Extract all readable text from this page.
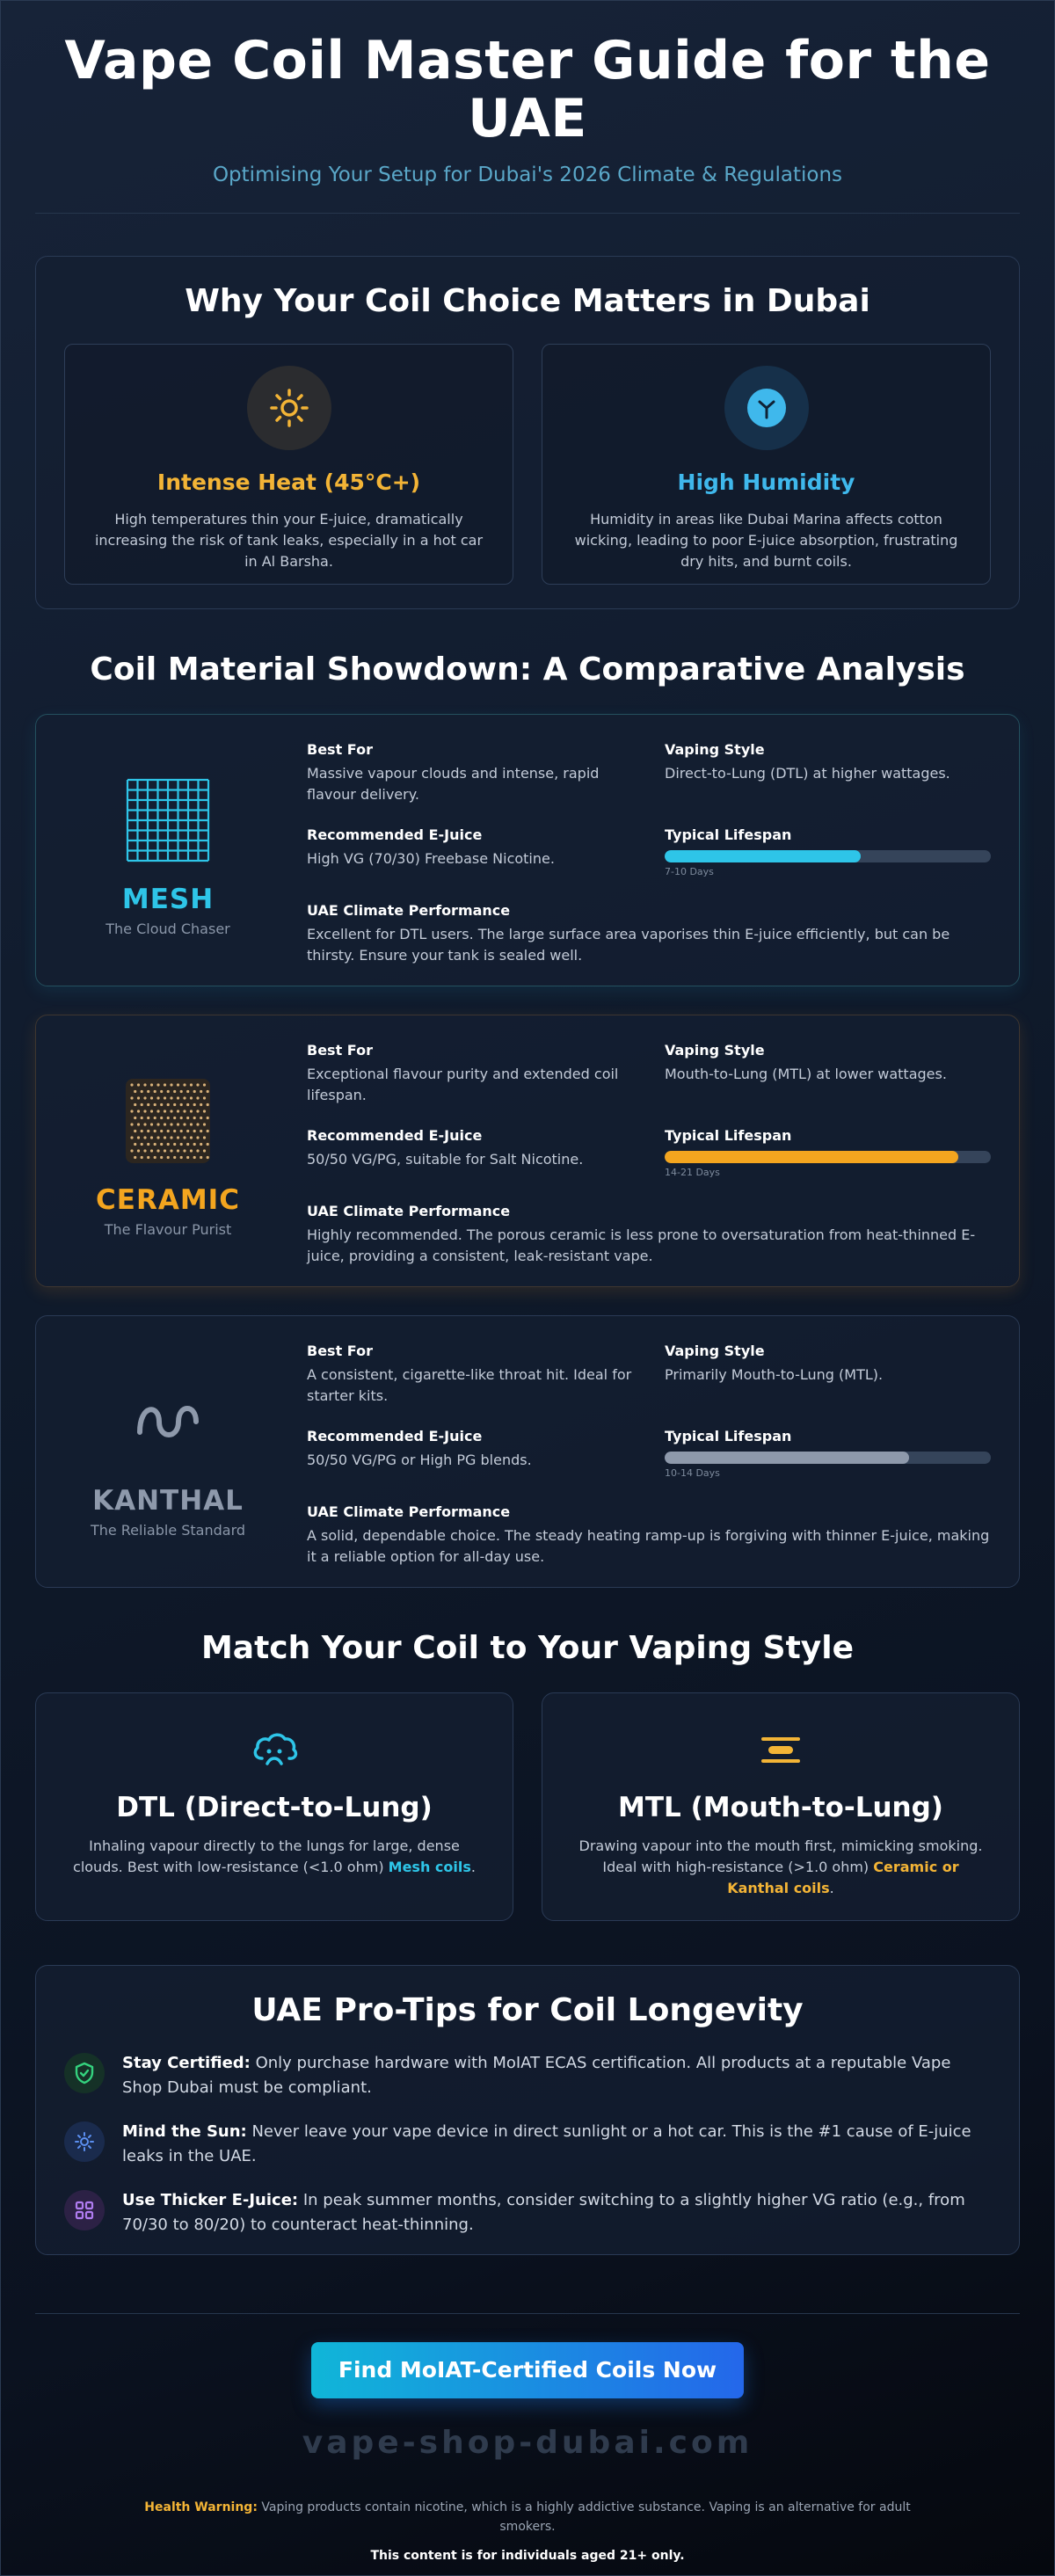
Vape Coil Master Guide for the UAE
Optimising Your Setup for Dubai's 2026 Climate & Regulations
Why Your Coil Choice Matters in Dubai
Intense Heat (45°C+)

High temperatures thin your E-juice, dramatically increasing the risk of tank leaks, especially in a hot car in Al Barsha.

High Humidity

Humidity in areas like Dubai Marina affects cotton wicking, leading to poor E-juice absorption, frustrating dry hits, and burnt coils.

Coil Material Showdown: A Comparative Analysis
MESH
The Cloud Chaser
Best For
Massive vapour clouds and intense, rapid flavour delivery.
Vaping Style
Direct-to-Lung (DTL) at higher wattages.
Recommended E-Juice
High VG (70/30) Freebase Nicotine.
Typical Lifespan
7-10 Days
UAE Climate Performance
Excellent for DTL users. The large surface area vaporises thin E-juice efficiently, but can be thirsty. Ensure your tank is sealed well.
CERAMIC
The Flavour Purist
Best For
Exceptional flavour purity and extended coil lifespan.
Vaping Style
Mouth-to-Lung (MTL) at lower wattages.
Recommended E-Juice
50/50 VG/PG, suitable for Salt Nicotine.
Typical Lifespan
14-21 Days
UAE Climate Performance
Highly recommended. The porous ceramic is less prone to oversaturation from heat-thinned E-juice, providing a consistent, leak-resistant vape.
KANTHAL
The Reliable Standard
Best For
A consistent, cigarette-like throat hit. Ideal for starter kits.
Vaping Style
Primarily Mouth-to-Lung (MTL).
Recommended E-Juice
50/50 VG/PG or High PG blends.
Typical Lifespan
10-14 Days
UAE Climate Performance
A solid, dependable choice. The steady heating ramp-up is forgiving with thinner E-juice, making it a reliable option for all-day use.
Match Your Coil to Your Vaping Style
DTL (Direct-to-Lung)

Inhaling vapour directly to the lungs for large, dense clouds. Best with low-resistance (<1.0 ohm) Mesh coils.

MTL (Mouth-to-Lung)

Drawing vapour into the mouth first, mimicking smoking. Ideal with high-resistance (>1.0 ohm) Ceramic or Kanthal coils.

UAE Pro-Tips for Coil Longevity

Stay Certified: Only purchase hardware with MoIAT ECAS certification. All products at a reputable Vape Shop Dubai must be compliant.

Mind the Sun: Never leave your vape device in direct sunlight or a hot car. This is the #1 cause of E-juice leaks in the UAE.

Use Thicker E-Juice: In peak summer months, consider switching to a slightly higher VG ratio (e.g., from 70/30 to 80/20) to counteract heat-thinning.

Find MoIAT-Certified Coils Now
vape-shop-dubai.com
Health Warning: Vaping products contain nicotine, which is a highly addictive substance. Vaping is an alternative for adult smokers.
This content is for individuals aged 21+ only.
